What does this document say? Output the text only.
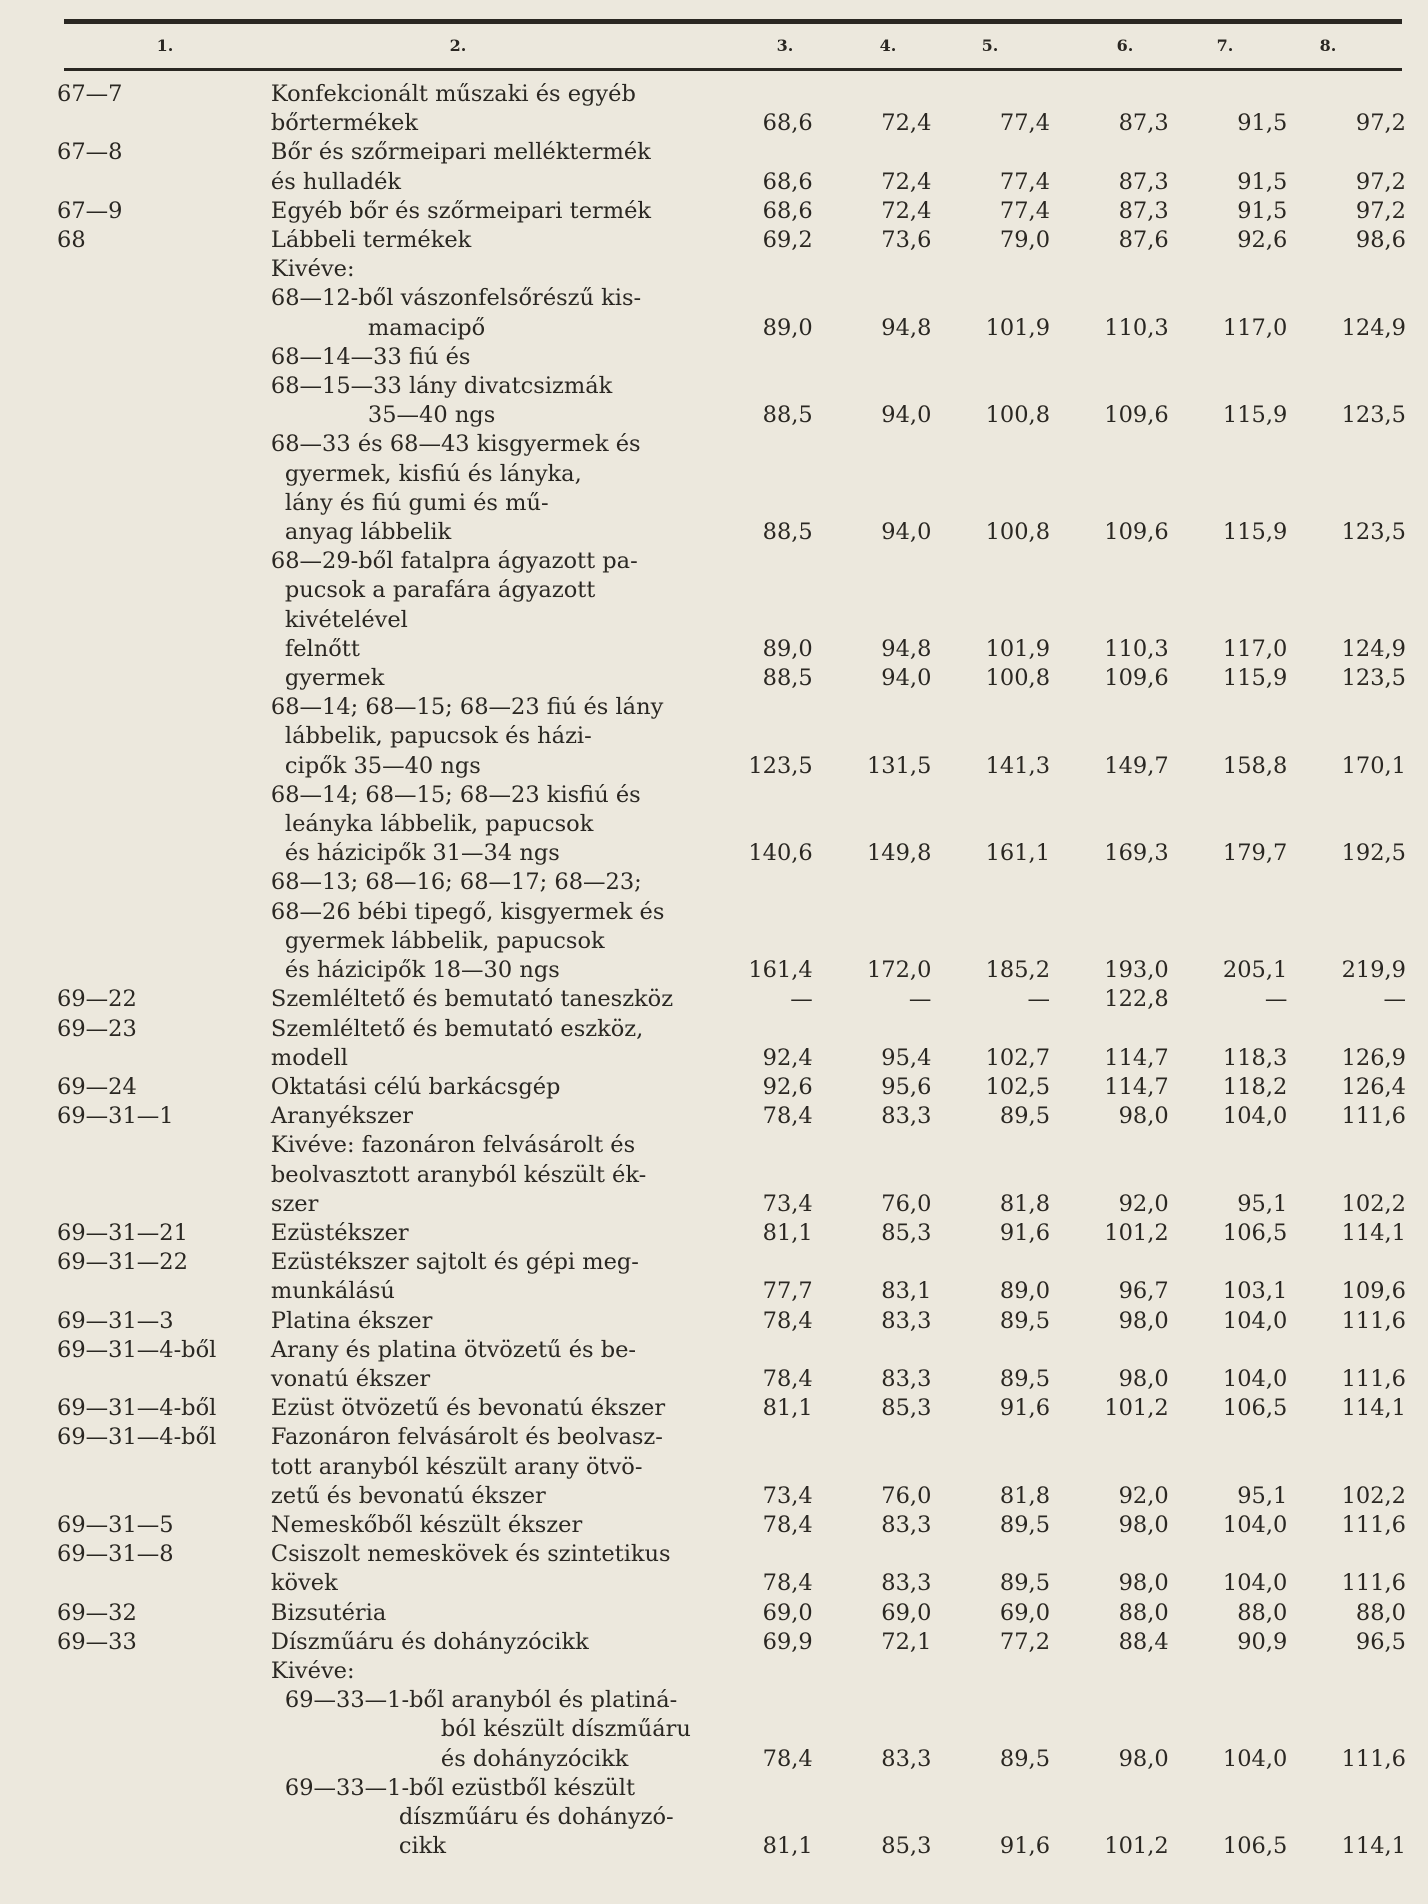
1.	2.	3.	4.	5.	6.	7.	8.
67—7	Konfekcionált műszaki és egyéb						
	bőrtermékek	68,6	72,4	77,4	87,3	91,5	97,2
67—8	Bőr és szőrmeipari melléktermék						
	és hulladék	68,6	72,4	77,4	87,3	91,5	97,2
67—9	Egyéb bőr és szőrmeipari termék	68,6	72,4	77,4	87,3	91,5	97,2
68	Lábbeli termékek	69,2	73,6	79,0	87,6	92,6	98,6
	Kivéve:						
	68—12-ből vászonfelsőrészű kis-						
	mamacipő	89,0	94,8	101,9	110,3	117,0	124,9
	68—14—33 fiú és						
	68—15—33 lány divatcsizmák						
	35—40 ngs	88,5	94,0	100,8	109,6	115,9	123,5
	68—33 és 68—43 kisgyermek és						
	gyermek, kisfiú és lányka,						
	lány és fiú gumi és mű-						
	anyag lábbelik	88,5	94,0	100,8	109,6	115,9	123,5
	68—29-ből fatalpra ágyazott pa-						
	pucsok a parafára ágyazott						
	kivételével						
	felnőtt	89,0	94,8	101,9	110,3	117,0	124,9
	gyermek	88,5	94,0	100,8	109,6	115,9	123,5
	68—14; 68—15; 68—23 fiú és lány						
	lábbelik, papucsok és házi-						
	cipők 35—40 ngs	123,5	131,5	141,3	149,7	158,8	170,1
	68—14; 68—15; 68—23 kisfiú és						
	leányka lábbelik, papucsok						
	és házicipők 31—34 ngs	140,6	149,8	161,1	169,3	179,7	192,5
	68—13; 68—16; 68—17; 68—23;						
	68—26 bébi tipegő, kisgyermek és						
	gyermek lábbelik, papucsok						
	és házicipők 18—30 ngs	161,4	172,0	185,2	193,0	205,1	219,9
69—22	Szemléltető és bemutató taneszköz	—	—	—	122,8	—	—
69—23	Szemléltető és bemutató eszköz,						
	modell	92,4	95,4	102,7	114,7	118,3	126,9
69—24	Oktatási célú barkácsgép	92,6	95,6	102,5	114,7	118,2	126,4
69—31—1	Aranyékszer	78,4	83,3	89,5	98,0	104,0	111,6
	Kivéve: fazonáron felvásárolt és						
	beolvasztott aranyból készült ék-						
	szer	73,4	76,0	81,8	92,0	95,1	102,2
69—31—21	Ezüstékszer	81,1	85,3	91,6	101,2	106,5	114,1
69—31—22	Ezüstékszer sajtolt és gépi meg-						
	munkálású	77,7	83,1	89,0	96,7	103,1	109,6
69—31—3	Platina ékszer	78,4	83,3	89,5	98,0	104,0	111,6
69—31—4-ből	Arany és platina ötvözetű és be-						
	vonatú ékszer	78,4	83,3	89,5	98,0	104,0	111,6
69—31—4-ből	Ezüst ötvözetű és bevonatú ékszer	81,1	85,3	91,6	101,2	106,5	114,1
69—31—4-ből	Fazonáron felvásárolt és beolvasz-						
	tott aranyból készült arany ötvö-						
	zetű és bevonatú ékszer	73,4	76,0	81,8	92,0	95,1	102,2
69—31—5	Nemeskőből készült ékszer	78,4	83,3	89,5	98,0	104,0	111,6
69—31—8	Csiszolt nemeskövek és szintetikus						
	kövek	78,4	83,3	89,5	98,0	104,0	111,6
69—32	Bizsutéria	69,0	69,0	69,0	88,0	88,0	88,0
69—33	Díszműáru és dohányzócikk	69,9	72,1	77,2	88,4	90,9	96,5
	Kivéve:						
	69—33—1-ből aranyból és platiná-						
	ból készült díszműáru						
	és dohányzócikk	78,4	83,3	89,5	98,0	104,0	111,6
	69—33—1-ből ezüstből készült						
	díszműáru és dohányzó-						
	cikk	81,1	85,3	91,6	101,2	106,5	114,1
